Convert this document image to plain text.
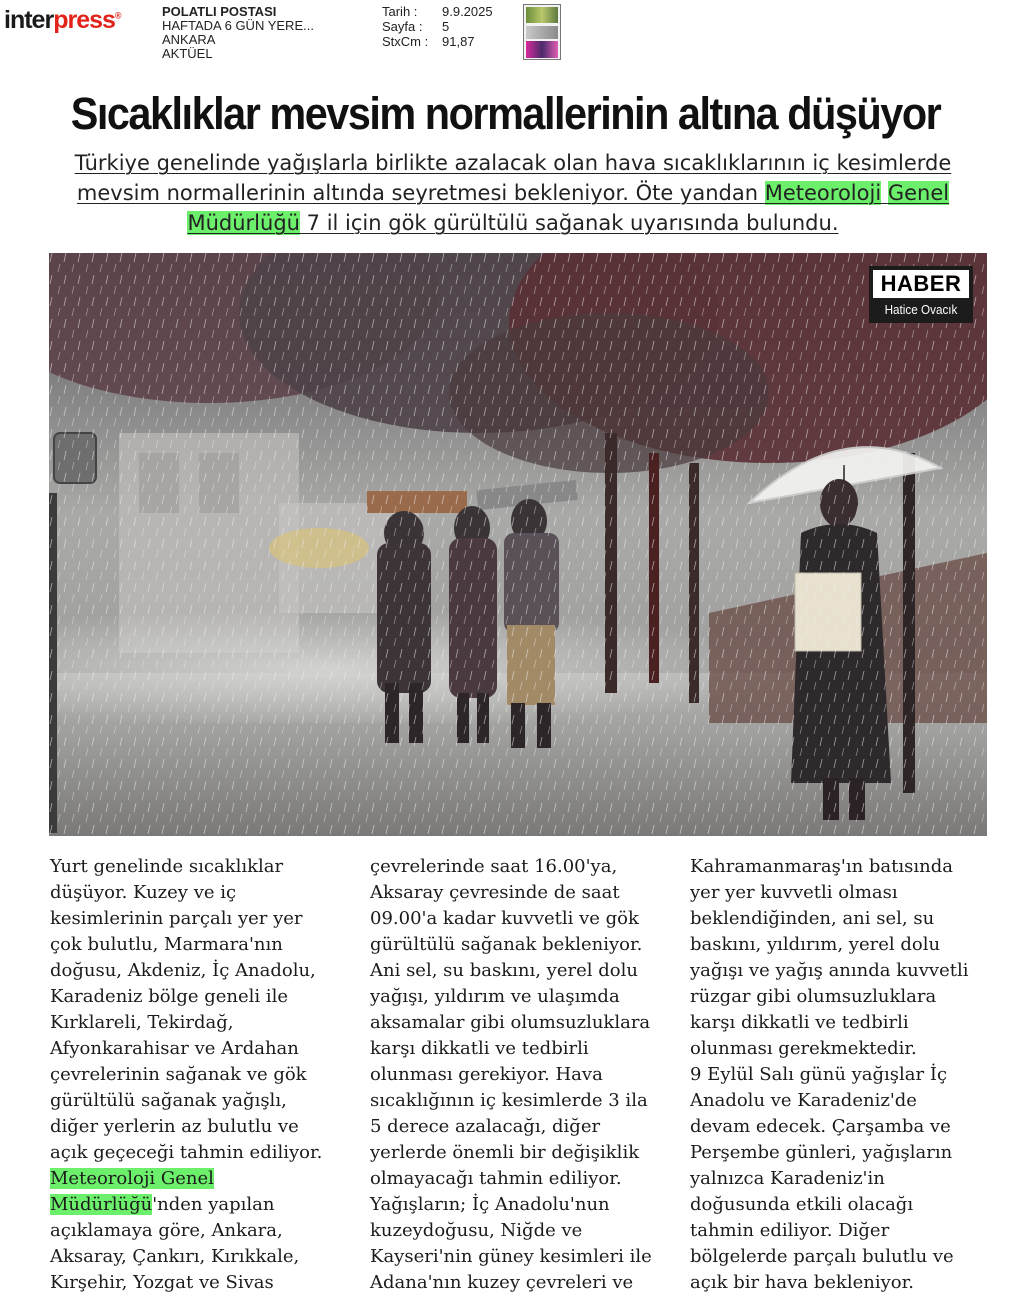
interpress®	POLATLI POSTASI
HAFTADA 6 GÜN YERE...
ANKARA
AKTÜEL
Tarih :	9.9.2025
Sayfa :	5
StxCm :	91,87
Sıcaklıklar mevsim normallerinin altına düşüyor

Türkiye genelinde yağışlarla birlikte azalacak olan hava sıcaklıklarının iç kesimlerde mevsim normallerinin altında seyretmesi bekleniyor. Öte yandan Meteoroloji Genel Müdürlüğü 7 il için gök gürültülü sağanak uyarısında bulundu.

HABER
Hatice Ovacık
Yurt genelinde sıcaklıklar
düşüyor. Kuzey ve iç
kesimlerinin parçalı yer yer
çok bulutlu, Marmara'nın
doğusu, Akdeniz, İç Anadolu,
Karadeniz bölge geneli ile
Kırklareli, Tekirdağ,
Afyonkarahisar ve Ardahan
çevrelerinin sağanak ve gök
gürültülü sağanak yağışlı,
diğer yerlerin az bulutlu ve
açık geçeceği tahmin ediliyor.
Meteoroloji Genel
Müdürlüğü'nden yapılan
açıklamaya göre, Ankara,
Aksaray, Çankırı, Kırıkkale,
Kırşehir, Yozgat ve Sivas
çevrelerinde saat 16.00'ya,
Aksaray çevresinde de saat
09.00'a kadar kuvvetli ve gök
gürültülü sağanak bekleniyor.
Ani sel, su baskını, yerel dolu
yağışı, yıldırım ve ulaşımda
aksamalar gibi olumsuzluklara
karşı dikkatli ve tedbirli
olunması gerekiyor. Hava
sıcaklığının iç kesimlerde 3 ila
5 derece azalacağı, diğer
yerlerde önemli bir değişiklik
olmayacağı tahmin ediliyor.
Yağışların; İç Anadolu'nun
kuzeydoğusu, Niğde ve
Kayseri'nin güney kesimleri ile
Adana'nın kuzey çevreleri ve
Kahramanmaraş'ın batısında
yer yer kuvvetli olması
beklendiğinden, ani sel, su
baskını, yıldırım, yerel dolu
yağışı ve yağış anında kuvvetli
rüzgar gibi olumsuzluklara
karşı dikkatli ve tedbirli
olunması gerekmektedir.
9 Eylül Salı günü yağışlar İç
Anadolu ve Karadeniz'de
devam edecek. Çarşamba ve
Perşembe günleri, yağışların
yalnızca Karadeniz'in
doğusunda etkili olacağı
tahmin ediliyor. Diğer
bölgelerde parçalı bulutlu ve
açık bir hava bekleniyor.
